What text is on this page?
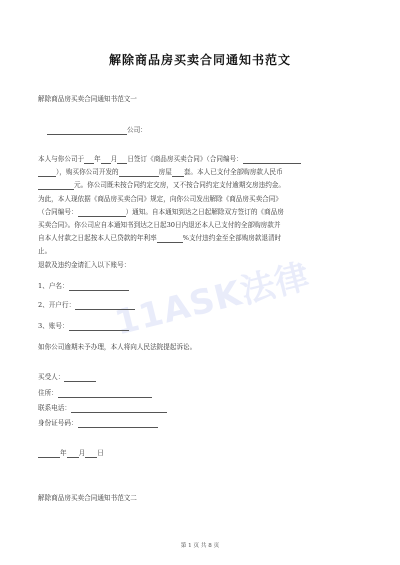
11ASK法律
解除商品房买卖合同通知书范文
解除商品房买卖合同通知书范文一
公司：
本人与你公司于 年 月 日签订《商品房买卖合同》（合同编号：
），购买你公司开发的	房屋 套。本人已支付全部购房款人民币
元。你公司既未按合同约定交房，又不按合同约定支付逾期交房违约金。
为此，本人现依据《商品房买卖合同》规定，向你公司发出解除《商品房买卖合同》
（合同编号：	）通知。自本通知到达之日起解除双方签订的《商品房
买卖合同》。你公司应自本通知书到达之日起30日内退还本人已支付的全部购房款并
自本人付款之日起按本人已贷款的年利率	%支付违约金至全部购房款退清时
止。
退款及违约金请汇入以下账号：
1、户名：
2、开户行：
3、账号：
如你公司逾期未予办理，本人将向人民法院提起诉讼。
买受人：
住所：
联系电话：
身份证号码：
年 月 日
解除商品房买卖合同通知书范文二
第 1 页 共 8 页
